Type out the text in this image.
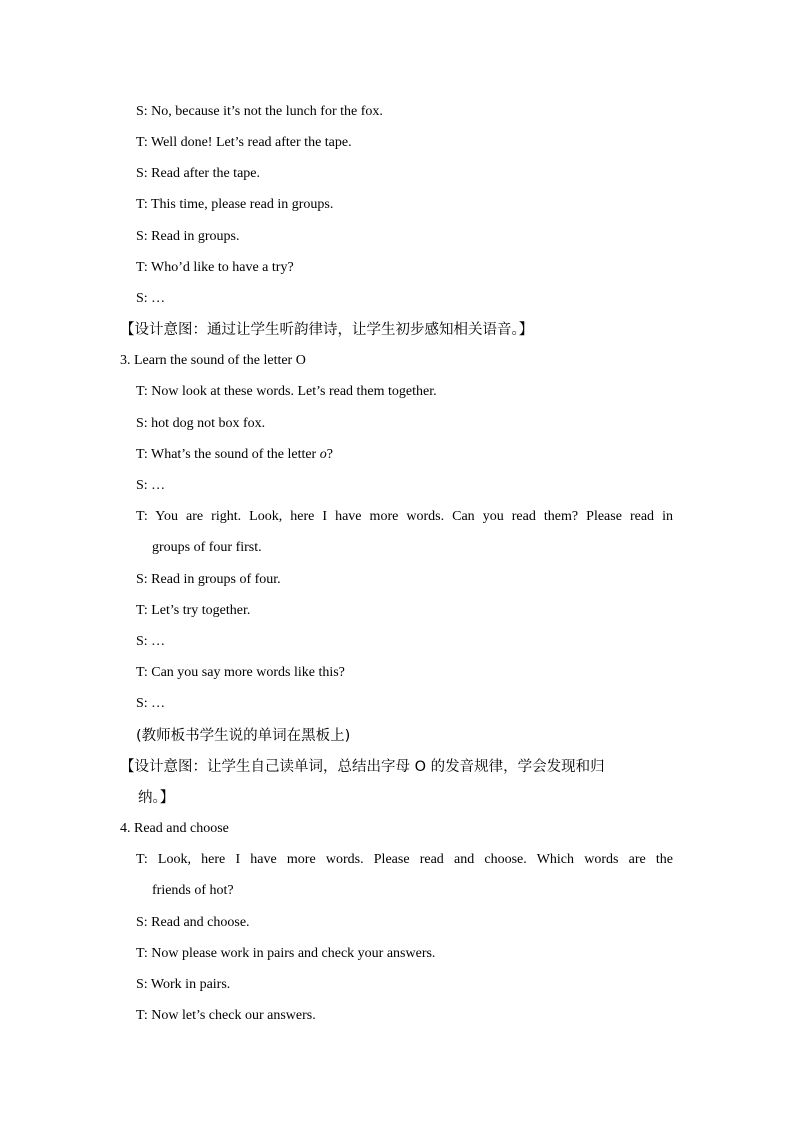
S: No, because it’s not the lunch for the fox.
T: Well done! Let’s read after the tape.
S: Read after the tape.
T: This time, please read in groups.
S: Read in groups.
T: Who’d like to have a try?
S: …
【设计意图：通过让学生听韵律诗，让学生初步感知相关语音。】
3. Learn the sound of the letter O
T: Now look at these words. Let’s read them together.
S: hot dog not box fox.
T: What’s the sound of the letter o?
S: …
T: You are right. Look, here I have more words. Can you read them? Please read in
groups of four first.
S: Read in groups of four.
T: Let’s try together.
S: …
T: Can you say more words like this?
S: …
(教师板书学生说的单词在黑板上)
【设计意图：让学生自己读单词，总结出字母 O 的发音规律，学会发现和归
纳。】
4. Read and choose
T: Look, here I have more words. Please read and choose. Which words are the
friends of hot?
S: Read and choose.
T: Now please work in pairs and check your answers.
S: Work in pairs.
T: Now let’s check our answers.
